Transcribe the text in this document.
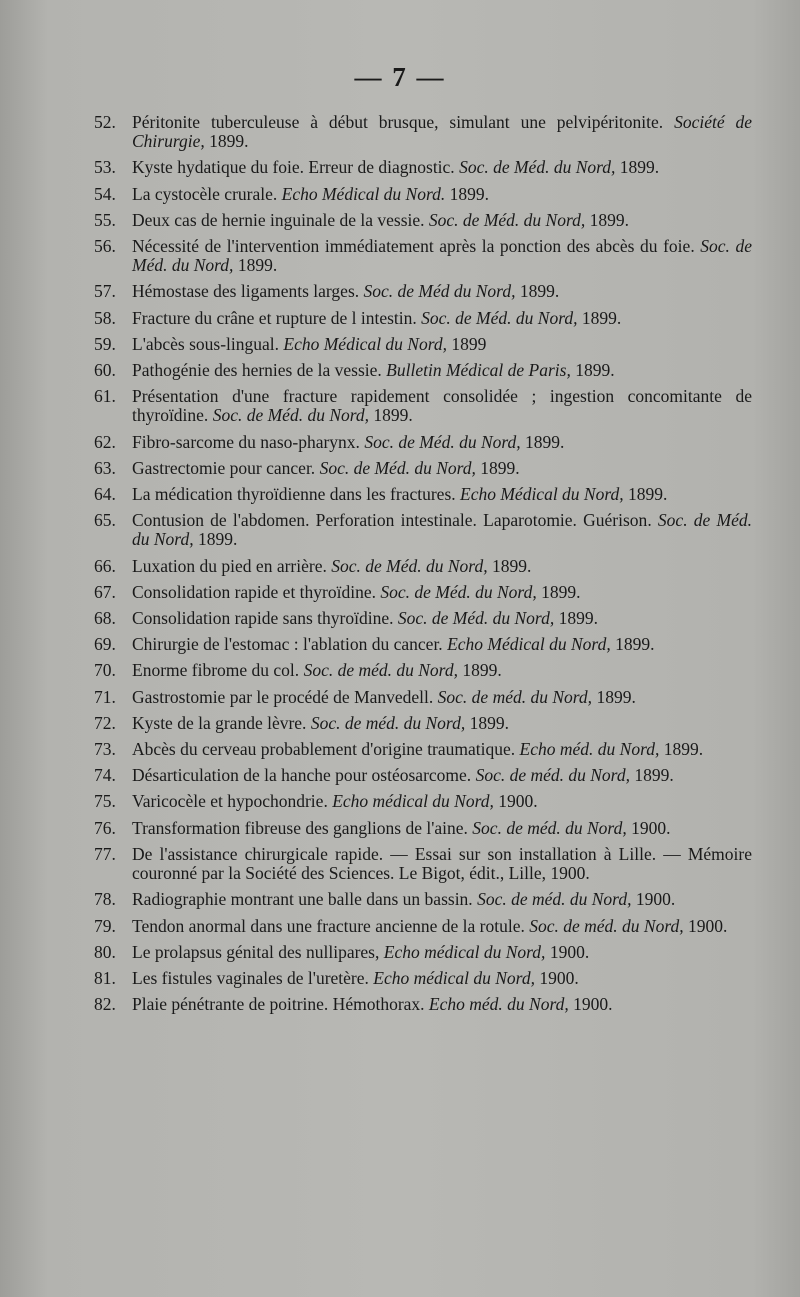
— 7 —
52. Péritonite tuberculeuse à début brusque, simulant une pelvipéritonite. Société de Chirurgie, 1899.
53. Kyste hydatique du foie. Erreur de diagnostic. Soc. de Méd. du Nord, 1899.
54. La cystocèle crurale. Echo Médical du Nord. 1899.
55. Deux cas de hernie inguinale de la vessie. Soc. de Méd. du Nord, 1899.
56. Nécessité de l'intervention immédiatement après la ponction des abcès du foie. Soc. de Méd. du Nord, 1899.
57. Hémostase des ligaments larges. Soc. de Méd du Nord, 1899.
58. Fracture du crâne et rupture de l intestin. Soc. de Méd. du Nord, 1899.
59. L'abcès sous-lingual. Echo Médical du Nord, 1899
60. Pathogénie des hernies de la vessie. Bulletin Médical de Paris, 1899.
61. Présentation d'une fracture rapidement consolidée ; ingestion concomitante de thyroïdine. Soc. de Méd. du Nord, 1899.
62. Fibro-sarcome du naso-pharynx. Soc. de Méd. du Nord, 1899.
63. Gastrectomie pour cancer. Soc. de Méd. du Nord, 1899.
64. La médication thyroïdienne dans les fractures. Echo Médical du Nord, 1899.
65. Contusion de l'abdomen. Perforation intestinale. Laparotomie. Guérison. Soc. de Méd. du Nord, 1899.
66. Luxation du pied en arrière. Soc. de Méd. du Nord, 1899.
67. Consolidation rapide et thyroïdine. Soc. de Méd. du Nord, 1899.
68. Consolidation rapide sans thyroïdine. Soc. de Méd. du Nord, 1899.
69. Chirurgie de l'estomac : l'ablation du cancer. Echo Médical du Nord, 1899.
70. Enorme fibrome du col. Soc. de méd. du Nord, 1899.
71. Gastrostomie par le procédé de Manvedell. Soc. de méd. du Nord, 1899.
72. Kyste de la grande lèvre. Soc. de méd. du Nord, 1899.
73. Abcès du cerveau probablement d'origine traumatique. Echo méd. du Nord, 1899.
74. Désarticulation de la hanche pour ostéosarcome. Soc. de méd. du Nord, 1899.
75. Varicocèle et hypochondrie. Echo médical du Nord, 1900.
76. Transformation fibreuse des ganglions de l'aine. Soc. de méd. du Nord, 1900.
77. De l'assistance chirurgicale rapide. — Essai sur son installation à Lille. — Mémoire couronné par la Société des Sciences. Le Bigot, édit., Lille, 1900.
78. Radiographie montrant une balle dans un bassin. Soc. de méd. du Nord, 1900.
79. Tendon anormal dans une fracture ancienne de la rotule. Soc. de méd. du Nord, 1900.
80. Le prolapsus génital des nullipares, Echo médical du Nord, 1900.
81. Les fistules vaginales de l'uretère. Echo médical du Nord, 1900.
82. Plaie pénétrante de poitrine. Hémothorax. Echo méd. du Nord, 1900.
